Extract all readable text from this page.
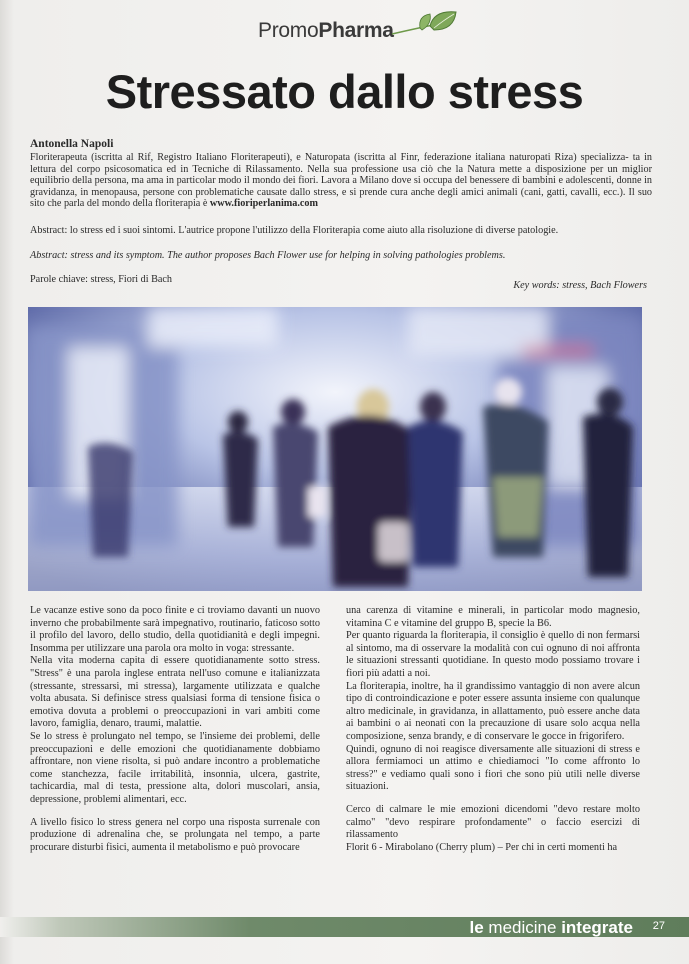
Promo Pharma
Stressato dallo stress
Antonella Napoli
Floriterapeuta (iscritta al Rif, Registro Italiano Floriterapeuti), e Naturopata (iscritta al Finr, federazione italiana naturopati Riza) specializza- ta in lettura del corpo psicosomatica ed in Tecniche di Rilassamento. Nella sua professione usa ciò che la Natura mette a disposizione per un miglior equilibrio della persona, ma ama in particolar modo il mondo dei fiori. Lavora a Milano dove si occupa del benessere di bambini e adolescenti, donne in gravidanza, in menopausa, persone con problematiche causate dallo stress, e si prende cura anche degli amici animali (cani, gatti, cavalli, ecc.). Il suo sito che parla del mondo della floriterapia è www.fioriperlanima.com
Abstract: lo stress ed i suoi sintomi. L'autrice propone l'utilizzo della Floriterapia come aiuto alla risoluzione di diverse patologie.
Abstract: stress and its symptom. The author proposes Bach Flower use for helping in solving pathologies problems.
Parole chiave: stress, Fiori di Bach
Key words: stress, Bach Flowers

Le vacanze estive sono da poco finite e ci troviamo davanti un nuovo inverno che probabilmente sarà impegnativo, routinario, faticoso sotto il profilo del lavoro, dello studio, della quotidianità e degli impegni. Insomma per utilizzare una parola ora molto in voga: stressante.

Nella vita moderna capita di essere quotidianamente sotto stress. "Stress" è una parola inglese entrata nell'uso comune e italianizzata (stressante, stressarsi, mi stressa), largamente utilizzata e qualche volta abusata. Si definisce stress qualsiasi forma di tensione fisica o emotiva dovuta a problemi o preoccupazioni in vari ambiti come lavoro, famiglia, denaro, traumi, malattie.

Se lo stress è prolungato nel tempo, se l'insieme dei problemi, delle preoccupazioni e delle emozioni che quotidianamente dobbiamo affrontare, non viene risolta, si può andare incontro a problematiche come stanchezza, facile irritabilità, insonnia, ulcera, gastrite, tachicardia, mal di testa, pressione alta, dolori muscolari, ansia, depressione, problemi alimentari, ecc.

A livello fisico lo stress genera nel corpo una risposta surrenale con produzione di adrenalina che, se prolungata nel tempo, a parte procurare disturbi fisici, aumenta il metabolismo e può provocare

una carenza di vitamine e minerali, in particolar modo magnesio, vitamina C e vitamine del gruppo B, specie la B6.

Per quanto riguarda la floriterapia, il consiglio è quello di non fermarsi al sintomo, ma di osservare la modalità con cui ognuno di noi affronta le situazioni stressanti quotidiane. In questo modo possiamo trovare i fiori più adatti a noi.

La floriterapia, inoltre, ha il grandissimo vantaggio di non avere alcun tipo di controindicazione e poter essere assunta insieme con qualunque altro medicinale, in gravidanza, in allattamento, può essere anche data ai bambini o ai neonati con la precauzione di usare solo acqua nella composizione, senza brandy, e di conservare le gocce in frigorifero.

Quindi, ognuno di noi reagisce diversamente alle situazioni di stress e allora fermiamoci un attimo e chiediamoci "Io come affronto lo stress?" e vediamo quali sono i fiori che sono più utili nelle diverse situazioni.

Cerco di calmare le mie emozioni dicendomi "devo restare molto calmo" "devo respirare profondamente" o faccio esercizi di rilassamento

Florit 6 - Mirabolano (Cherry plum) – Per chi in certi momenti ha

le medicine integrate 27
